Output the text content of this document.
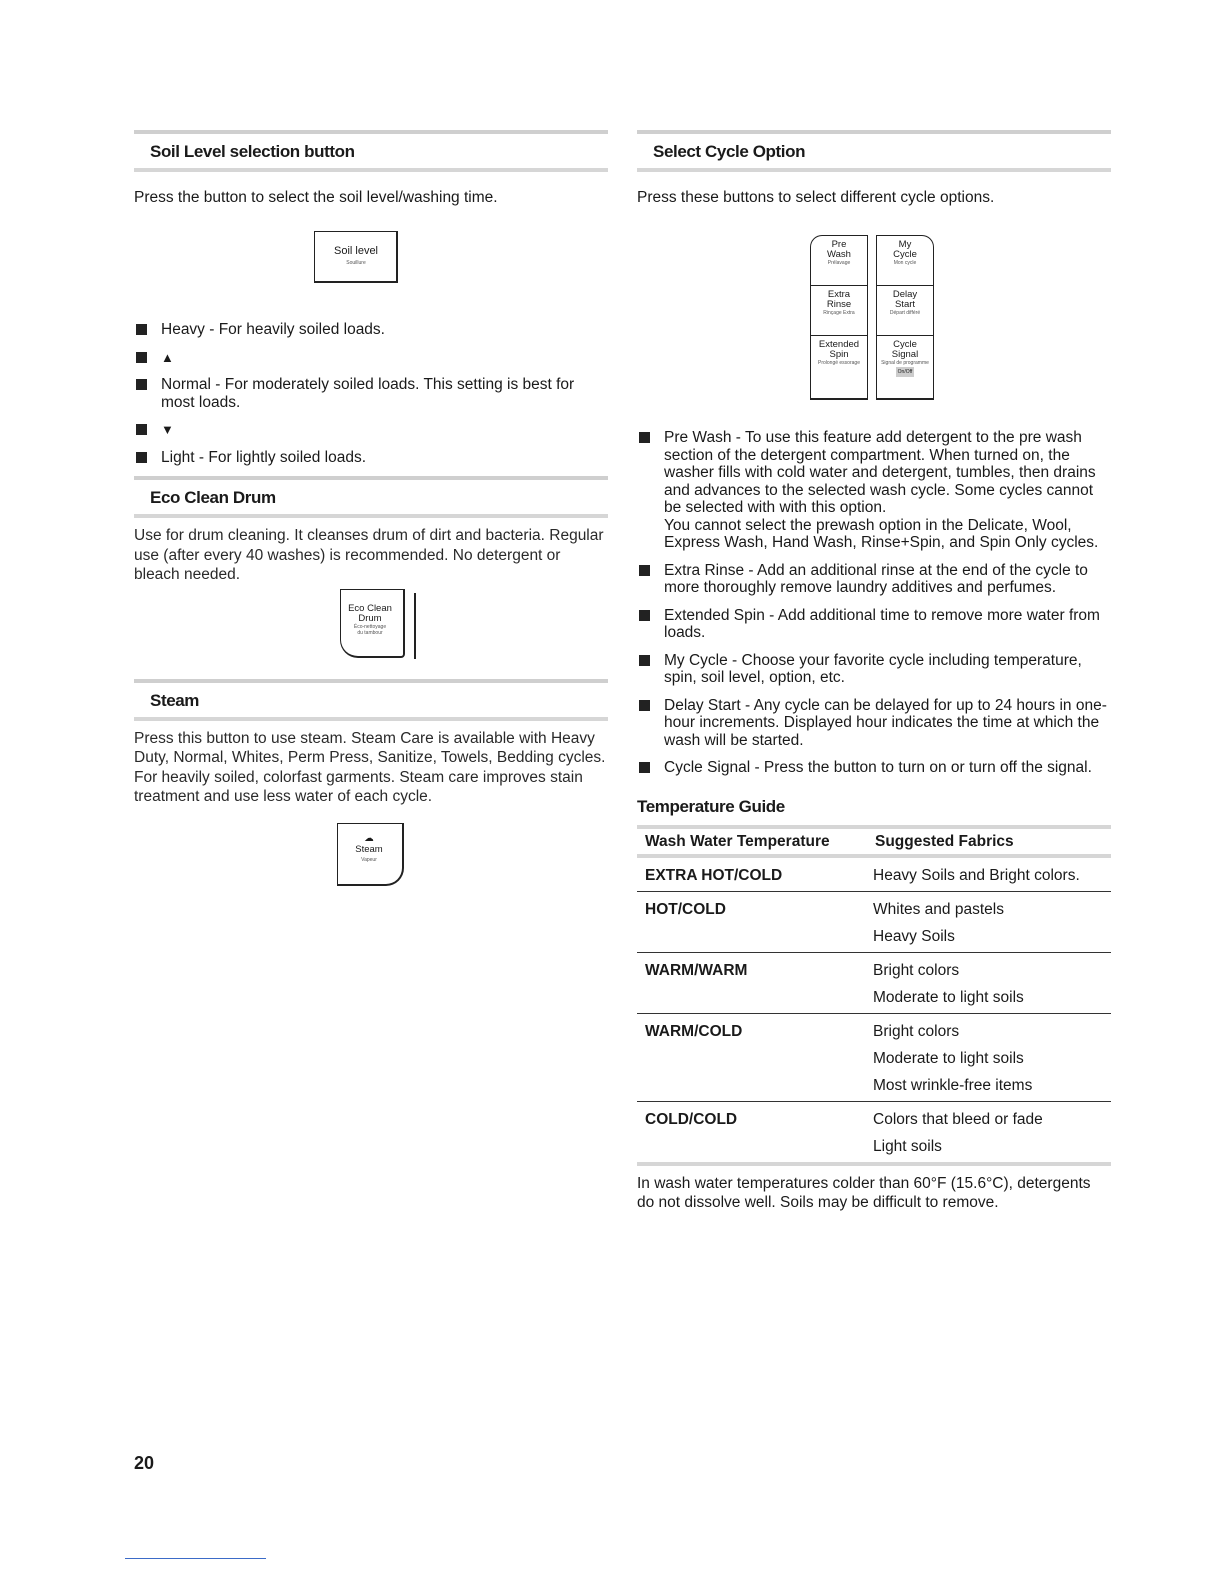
Soil Level selection button

Press the button to select the soil level/washing time.

Soil level
Souillure
Heavy - For heavily soiled loads.
▲
Normal - For moderately soiled loads. This setting is best for most loads.
▼
Light - For lightly soiled loads.
Eco Clean Drum

Use for drum cleaning. It cleanses drum of dirt and bacteria. Regular use (after every 40 washes) is recommended. No detergent or bleach needed.

Eco Clean
Drum
Éco-nettoyage
du tambour
Steam

Press this button to use steam. Steam Care is available with Heavy Duty, Normal, Whites, Perm Press, Sanitize, Towels, Bedding cycles. For heavily soiled, colorfast garments. Steam care improves stain treatment and use less water of each cycle.

☁
Steam
Vapeur
Select Cycle Option

Press these buttons to select different cycle options.

Pre
Wash
Prélavage
Extra
Rinse
Rinçage Extra
Extended
Spin
Prolongé essorage
My
Cycle
Mon cycle
Delay
Start
Départ différé
Cycle
Signal
Signal de programme
On/Off
Pre Wash - To use this feature add detergent to the pre wash section of the detergent compartment. When turned on, the washer fills with cold water and detergent, tumbles, then drains and advances to the selected wash cycle. Some cycles cannot be selected with with this option.
You cannot select the prewash option in the Delicate, Wool, Express Wash, Hand Wash, Rinse+Spin, and Spin Only cycles.
Extra Rinse - Add an additional rinse at the end of the cycle to more thoroughly remove laundry additives and perfumes.
Extended Spin - Add additional time to remove more water from loads.
My Cycle - Choose your favorite cycle including temperature, spin, soil level, option, etc.
Delay Start - Any cycle can be delayed for up to 24 hours in one-hour increments. Displayed hour indicates the time at which the wash will be started.
Cycle Signal - Press the button to turn on or turn off the signal.
Temperature Guide
Wash Water Temperature	Suggested Fabrics
EXTRA HOT/COLD	Heavy Soils and Bright colors.
HOT/COLD	Whites and pastels
	Heavy Soils
WARM/WARM	Bright colors
	Moderate to light soils
WARM/COLD	Bright colors
	Moderate to light soils
	Most wrinkle-free items
COLD/COLD	Colors that bleed or fade
	Light soils

In wash water temperatures colder than 60°F (15.6°C), detergents do not dissolve well. Soils may be difficult to remove.

20
